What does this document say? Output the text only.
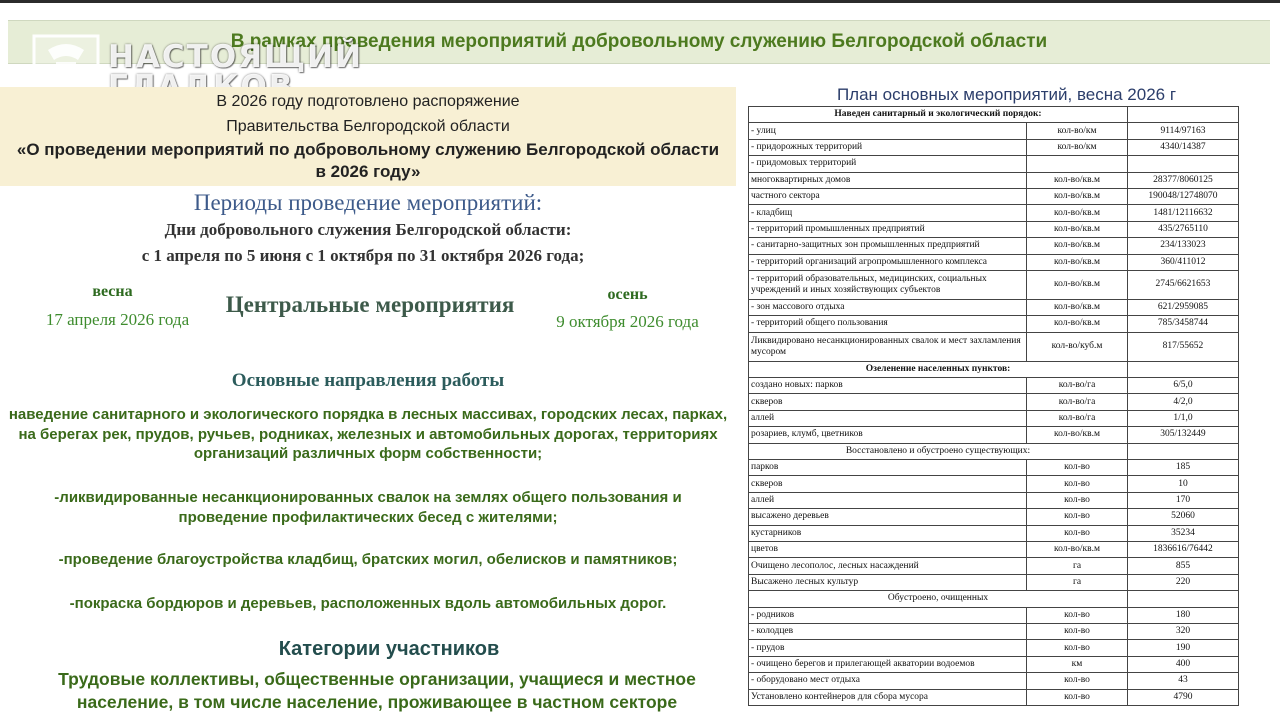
В рамках проведения мероприятий добровольному служению Белгородской области
НАСТОЯЩИЙ
В 2026 году подготовлено распоряжение
Правительства Белгородской области
«О проведении мероприятий по добровольному служению Белгородской области в 2026 году»
Периоды проведение мероприятий:
Дни добровольного служения Белгородской области:
с 1 апреля по 5 июня с 1 октября по 31 октября 2026 года;
весна
17 апреля 2026 года
Центральные мероприятия	осень
9 октября 2026 года
Основные направления работы
наведение санитарного и экологического порядка в лесных массивах, городских лесах, парках, на берегах рек, прудов, ручьев, родниках, железных и автомобильных дорогах, территориях организаций различных форм собственности;
-ликвидированные несанкционированных свалок на землях общего пользования и проведение профилактических бесед с жителями;
-проведение благоустройства кладбищ, братских могил, обелисков и памятников;
-покраска бордюров и деревьев, расположенных вдоль автомобильных дорог.
Категории участников
Трудовые коллективы, общественные организации, учащиеся и местное население, в том числе население, проживающее в частном секторе
План основных мероприятий, весна 2026 г
Наведен санитарный и экологический порядок:		
- улиц	кол-во/км	9114/97163
- придорожных территорий	кол-во/км	4340/14387
- придомовых территорий		
многоквартирных домов	кол-во/кв.м	28377/8060125
частного сектора	кол-во/кв.м	190048/12748070
- кладбищ	кол-во/кв.м	1481/12116632
- территорий промышленных предприятий	кол-во/кв.м	435/2765110
- санитарно-защитных зон промышленных предприятий	кол-во/кв.м	234/133023
- территорий организаций агропромышленного комплекса	кол-во/кв.м	360/411012
- территорий образовательных, медицинских, социальных учреждений и иных хозяйствующих субъектов	кол-во/кв.м	2745/6621653
- зон массового отдыха	кол-во/кв.м	621/2959085
- территорий общего пользования	кол-во/кв.м	785/3458744
Ликвидировано несанкционированных свалок и мест захламления мусором	кол-во/куб.м	817/55652
Озеленение населенных пунктов:		
создано новых: парков	кол-во/га	6/5,0
скверов	кол-во/га	4/2,0
аллей	кол-во/га	1/1,0
розариев, клумб, цветников	кол-во/кв.м	305/132449
Восстановлено и обустроено существующих:		
парков	кол-во	185
скверов	кол-во	10
аллей	кол-во	170
высажено деревьев	кол-во	52060
кустарников	кол-во	35234
цветов	кол-во/кв.м	1836616/76442
Очищено лесополос, лесных насаждений	га	855
Высажено лесных культур	га	220
Обустроено, очищенных		
- родников	кол-во	180
- колодцев	кол-во	320
- прудов	кол-во	190
- очищено берегов и прилегающей акватории водоемов	км	400
- оборудовано мест отдыха	кол-во	43
Установлено контейнеров для сбора мусора	кол-во	4790
